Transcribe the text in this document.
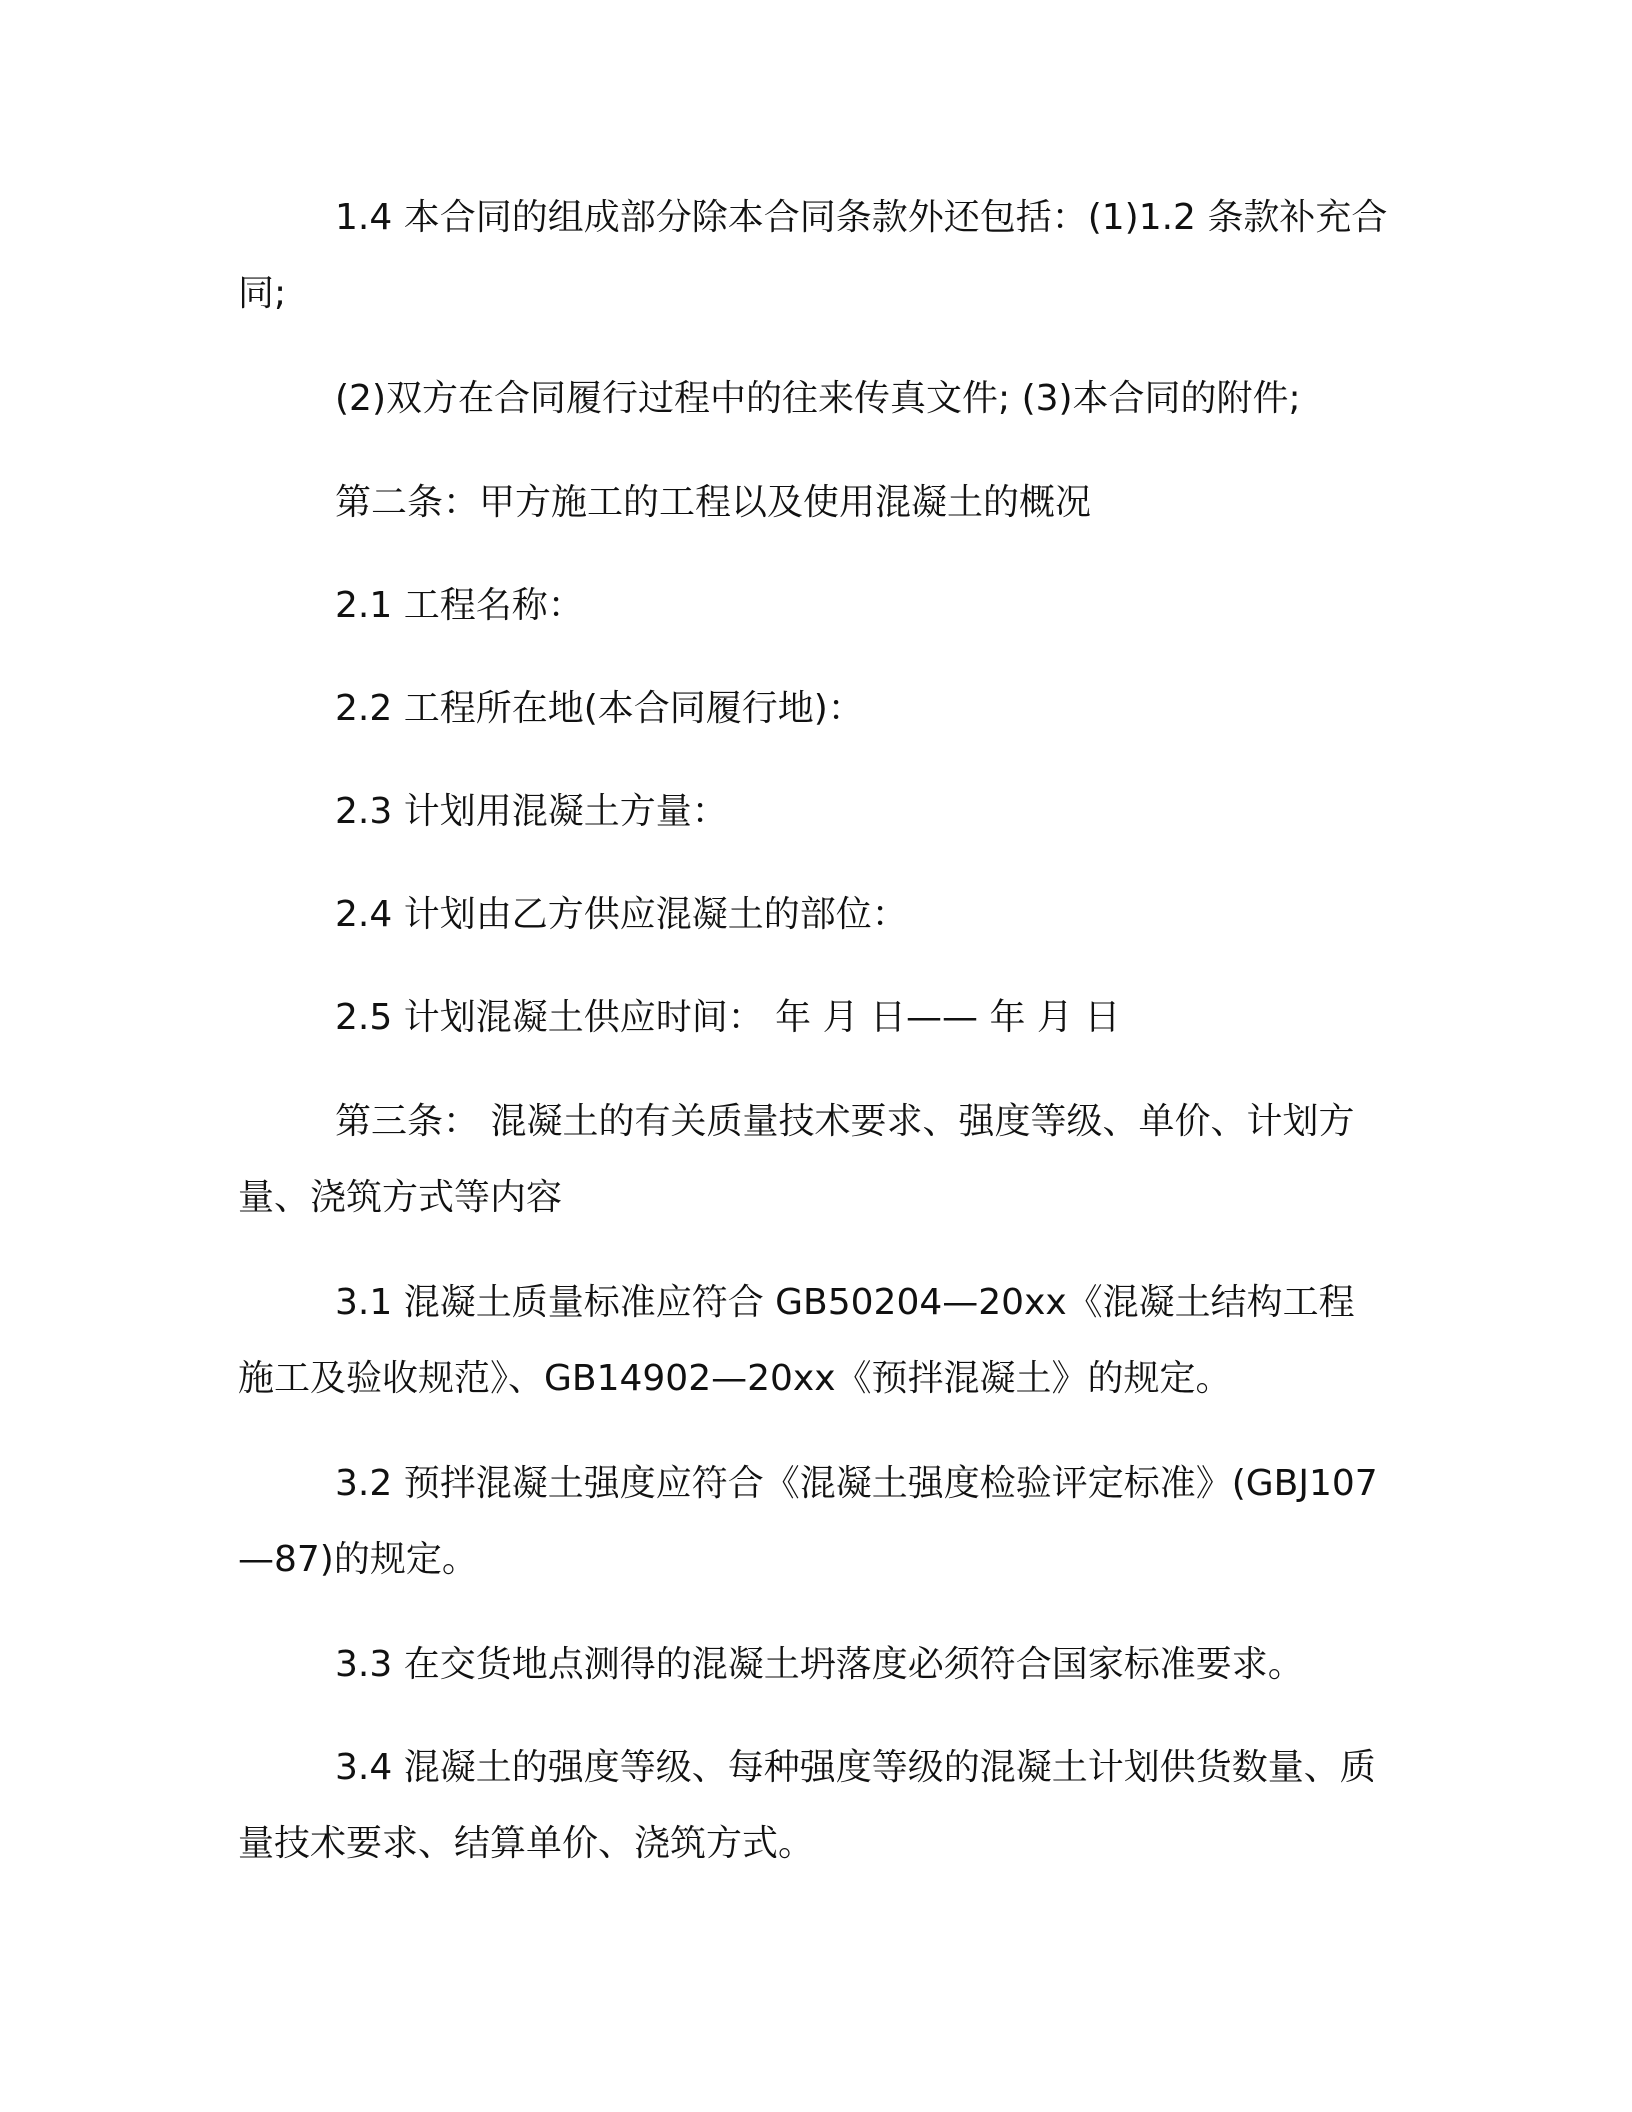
1.4 本合同的组成部分除本合同条款外还包括：(1)1.2 条款补充合同;

(2)双方在合同履行过程中的往来传真文件; (3)本合同的附件;

第二条：甲方施工的工程以及使用混凝土的概况

2.1 工程名称：

2.2 工程所在地(本合同履行地)：

2.3 计划用混凝土方量：

2.4 计划由乙方供应混凝土的部位：

2.5 计划混凝土供应时间： 年 月 日—— 年 月 日

第三条： 混凝土的有关质量技术要求、强度等级、单价、计划方量、浇筑方式等内容

3.1 混凝土质量标准应符合 GB50204—20xx《混凝土结构工程施工及验收规范》、GB14902—20xx《预拌混凝土》的规定。

3.2 预拌混凝土强度应符合《混凝土强度检验评定标准》(GBJ107—87)的规定。

3.3 在交货地点测得的混凝土坍落度必须符合国家标准要求。

3.4 混凝土的强度等级、每种强度等级的混凝土计划供货数量、质量技术要求、结算单价、浇筑方式。
